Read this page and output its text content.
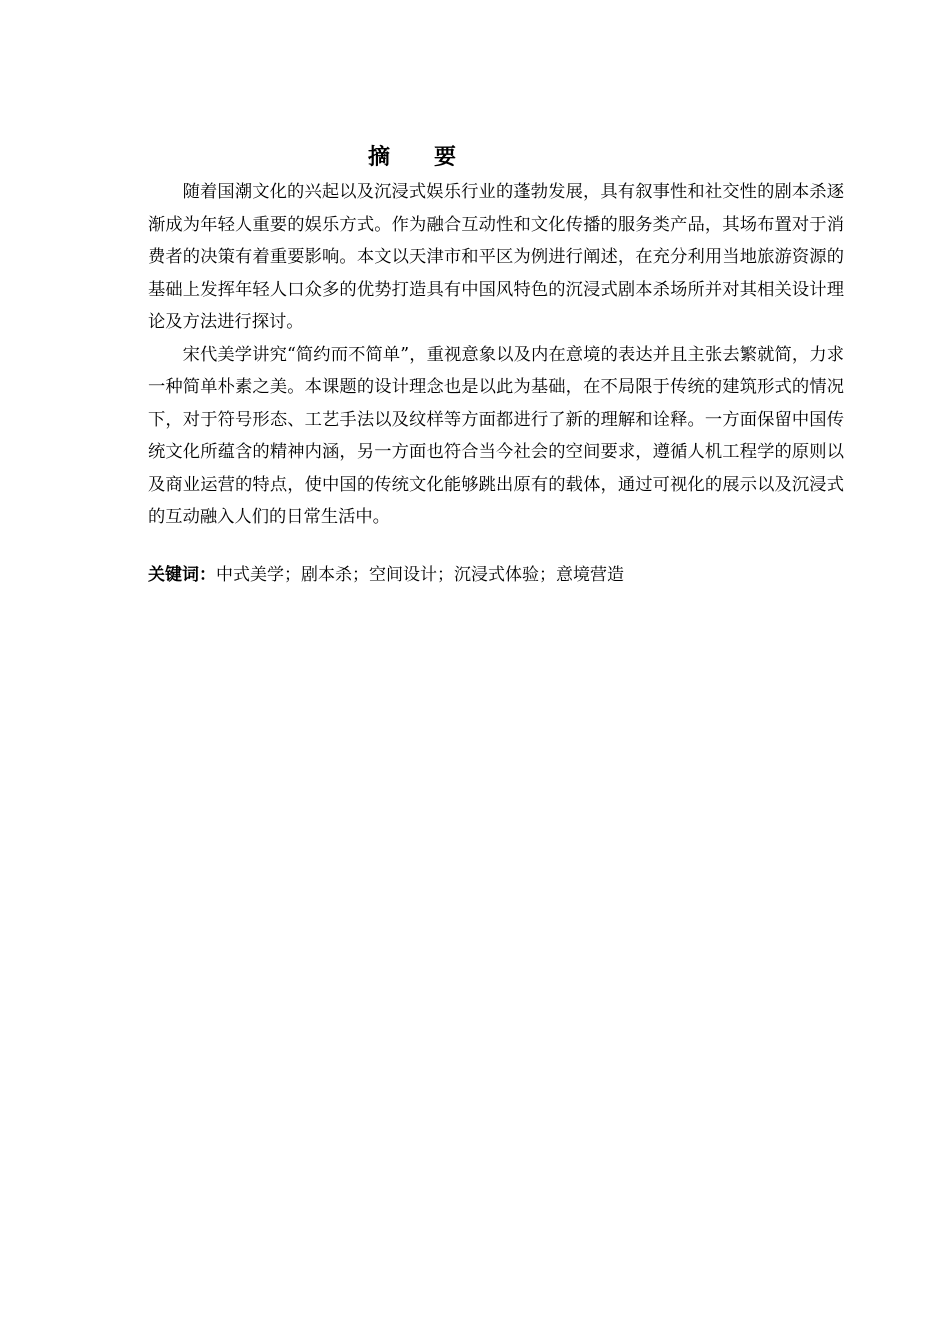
摘　　要

随着国潮文化的兴起以及沉浸式娱乐行业的蓬勃发展，具有叙事性和社交性的剧本杀逐渐成为年轻人重要的娱乐方式。作为融合互动性和文化传播的服务类产品，其场布置对于消费者的决策有着重要影响。本文以天津市和平区为例进行阐述，在充分利用当地旅游资源的基础上发挥年轻人口众多的优势打造具有中国风特色的沉浸式剧本杀场所并对其相关设计理论及方法进行探讨。

宋代美学讲究“简约而不简单”，重视意象以及内在意境的表达并且主张去繁就简，力求一种简单朴素之美。本课题的设计理念也是以此为基础，在不局限于传统的建筑形式的情况下，对于符号形态、工艺手法以及纹样等方面都进行了新的理解和诠释。一方面保留中国传统文化所蕴含的精神内涵，另一方面也符合当今社会的空间要求，遵循人机工程学的原则以及商业运营的特点，使中国的传统文化能够跳出原有的载体，通过可视化的展示以及沉浸式的互动融入人们的日常生活中。

关键词：中式美学；剧本杀；空间设计；沉浸式体验；意境营造
